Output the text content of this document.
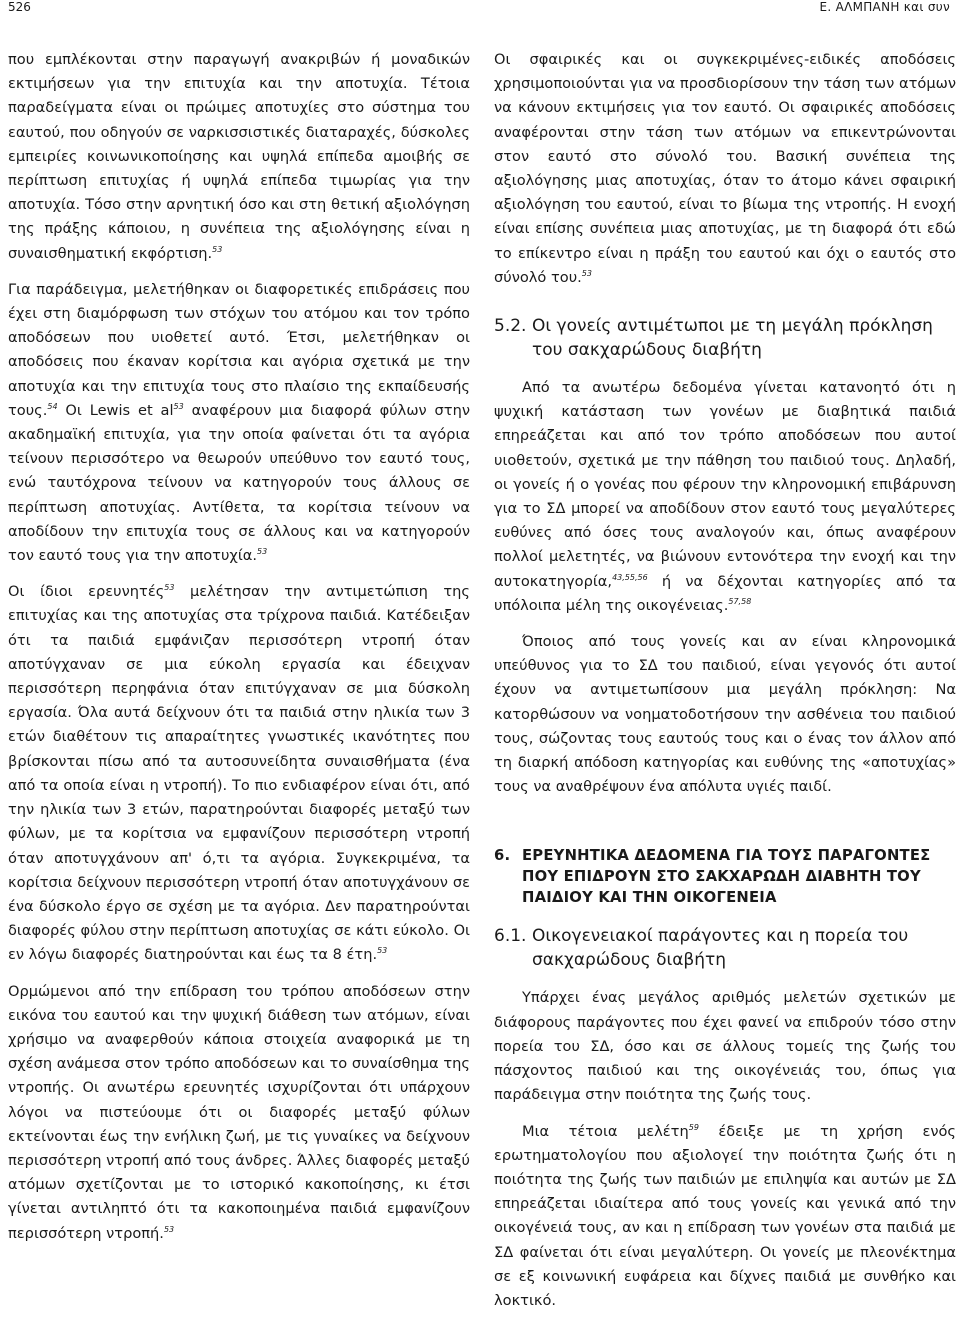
526	Ε. ΑΛΜΠΑΝΗ και συν

που εμπλέκονται στην παραγωγή ανακριβών ή μοναδικών εκτιμήσεων για την επιτυχία και την αποτυχία. Τέτοια παραδείγματα είναι οι πρώιμες αποτυχίες στο σύστημα του εαυτού, που οδηγούν σε ναρκισσιστικές διαταραχές, δύσκολες εμπειρίες κοινωνικοποίησης και υψηλά επίπεδα αμοιβής σε περίπτωση επιτυχίας ή υψηλά επίπεδα τιμωρίας για την αποτυχία. Τόσο στην αρνητική όσο και στη θετική αξιολόγηση της πράξης κάποιου, η συνέπεια της αξιολόγησης είναι η συναισθηματική εκφόρτιση.$^{53}$

Για παράδειγμα, μελετήθηκαν οι διαφορετικές επιδράσεις που έχει στη διαμόρφωση των στόχων του ατόμου και τον τρόπο αποδόσεων που υιοθετεί αυτό. Έτσι, μελετήθηκαν οι αποδόσεις που έκαναν κορίτσια και αγόρια σχετικά με την αποτυχία και την επιτυχία τους στο πλαίσιο της εκπαίδευσής τους.$^{54}$ Οι Lewis et $al^{53}$ αναφέρουν μια διαφορά φύλων στην ακαδημαϊκή επιτυχία, για την οποία φαίνεται ότι τα αγόρια τείνουν περισσότερο να θεωρούν υπεύθυνο τον εαυτό τους, ενώ ταυτόχρονα τείνουν να κατηγορούν τους άλλους σε περίπτωση αποτυχίας. Αντίθετα, τα κορίτσια τείνουν να αποδίδουν την επιτυχία τους σε άλλους και να κατηγορούν τον εαυτό τους για την αποτυχία.$^{53}$

Οι ίδιοι ερευνητές$^{53}$ μελέτησαν την αντιμετώπιση της επιτυχίας και της αποτυχίας στα τρίχρονα παιδιά. Κατέδειξαν ότι τα παιδιά εμφάνιζαν περισσότερη ντροπή όταν αποτύγχαναν σε μια εύκολη εργασία και έδειχναν περισσότερη περηφάνια όταν επιτύγχαναν σε μια δύσκολη εργασία. Όλα αυτά δείχνουν ότι τα παιδιά στην ηλικία των 3 ετών διαθέτουν τις απαραίτητες γνωστικές ικανότητες που βρίσκονται πίσω από τα αυτοσυνείδητα συναισθήματα (ένα από τα οποία είναι η ντροπή). Το πιο ενδιαφέρον είναι ότι, από την ηλικία των 3 ετών, παρατηρούνται διαφορές μεταξύ των φύλων, με τα κορίτσια να εμφανίζουν περισσότερη ντροπή όταν αποτυγχάνουν απ' ό,τι τα αγόρια. Συγκεκριμένα, τα κορίτσια δείχνουν περισσότερη ντροπή όταν αποτυγχάνουν σε ένα δύσκολο έργο σε σχέση με τα αγόρια. Δεν παρατηρούνται διαφορές φύλου στην περίπτωση αποτυχίας σε κάτι εύκολο. Οι εν λόγω διαφορές διατηρούνται και έως τα 8 έτη.$^{53}$

Ορμώμενοι από την επίδραση του τρόπου αποδόσεων στην εικόνα του εαυτού και την ψυχική διάθεση των ατόμων, είναι χρήσιμο να αναφερθούν κάποια στοιχεία αναφορικά με τη σχέση ανάμεσα στον τρόπο αποδόσεων και το συναίσθημα της ντροπής. Οι ανωτέρω ερευνητές ισχυρίζονται ότι υπάρχουν λόγοι να πιστεύουμε ότι οι διαφορές μεταξύ φύλων εκτείνονται έως την ενήλικη ζωή, με τις γυναίκες να δείχνουν περισσότερη ντροπή από τους άνδρες. Άλλες διαφορές μεταξύ ατόμων σχετίζονται με το ιστορικό κακοποίησης, κι έτσι γίνεται αντιληπτό ότι τα κακοποιημένα παιδιά εμφανίζουν περισσότερη ντροπή.$^{53}$

Οι σφαιρικές και οι συγκεκριμένες-ειδικές αποδόσεις χρησιμοποιούνται για να προσδιορίσουν την τάση των ατόμων να κάνουν εκτιμήσεις για τον εαυτό. Οι σφαιρικές αποδόσεις αναφέρονται στην τάση των ατόμων να επικεντρώνονται στον εαυτό στο σύνολό του. Βασική συνέπεια της αξιολόγησης μιας αποτυχίας, όταν το άτομο κάνει σφαιρική αξιολόγηση του εαυτού, είναι το βίωμα της ντροπής. Η ενοχή είναι επίσης συνέπεια μιας αποτυχίας, με τη διαφορά ότι εδώ το επίκεντρο είναι η πράξη του εαυτού και όχι ο εαυτός στο σύνολό του.$^{53}$

5.2. Οι γονείς αντιμέτωποι με τη μεγάλη πρόκληση του σακχαρώδους διαβήτη

Από τα ανωτέρω δεδομένα γίνεται κατανοητό ότι η ψυχική κατάσταση των γονέων με διαβητικά παιδιά επηρεάζεται και από τον τρόπο αποδόσεων που αυτοί υιοθετούν, σχετικά με την πάθηση του παιδιού τους. Δηλαδή, οι γονείς ή ο γονέας που φέρουν την κληρονομική επιβάρυνση για το ΣΔ μπορεί να αποδίδουν στον εαυτό τους μεγαλύτερες ευθύνες από όσες τους αναλογούν και, όπως αναφέρουν πολλοί μελετητές, να βιώνουν εντονότερα την ενοχή και την αυτοκατηγορία,$^{43,55,56}$ ή να δέχονται κατηγορίες από τα υπόλοιπα μέλη της οικογένειας.$^{57,58}$

Όποιος από τους γονείς και αν είναι κληρονομικά υπεύθυνος για το ΣΔ του παιδιού, είναι γεγονός ότι αυτοί έχουν να αντιμετωπίσουν μια μεγάλη πρόκληση: Να κατορθώσουν να νοηματοδοτήσουν την ασθένεια του παιδιού τους, σώζοντας τους εαυτούς τους και ο ένας τον άλλον από τη διαρκή απόδοση κατηγορίας και ευθύνης της «αποτυχίας» τους να αναθρέψουν ένα απόλυτα υγιές παιδί.

6. ΕΡΕΥΝΗΤΙΚΑ ΔΕΔΟΜΕΝΑ ΓΙΑ ΤΟΥΣ ΠΑΡΑΓΟΝΤΕΣ ΠΟΥ ΕΠΙΔΡΟΥΝ ΣΤΟ ΣΑΚΧΑΡΩΔΗ ΔΙΑΒΗΤΗ ΤΟΥ ΠΑΙΔΙΟΥ ΚΑΙ ΤΗΝ ΟΙΚΟΓΕΝΕΙΑ
6.1. Οικογενειακοί παράγοντες και η πορεία του σακχαρώδους διαβήτη

Υπάρχει ένας μεγάλος αριθμός μελετών σχετικών με διάφορους παράγοντες που έχει φανεί να επιδρούν τόσο στην πορεία του ΣΔ, όσο και σε άλλους τομείς της ζωής του πάσχοντος παιδιού και της οικογένειάς του, όπως για παράδειγμα στην ποιότητα της ζωής τους.

Μια τέτοια μελέτη$^{59}$ έδειξε με τη χρήση ενός ερωτηματολογίου που αξιολογεί την ποιότητα ζωής ότι η ποιότητα της ζωής των παιδιών με επιληψία και αυτών με ΣΔ επηρεάζεται ιδιαίτερα από τους γονείς και γενικά από την οικογένειά τους, αν και η επίδραση των γονέων στα παιδιά με ΣΔ φαίνεται ότι είναι μεγαλύτερη. Οι γονείς με πλεονέκτημα σε εξ κοινωνική ευφάρεια και δίχνες παιδιά με συνθήκο και λοκτικό.
